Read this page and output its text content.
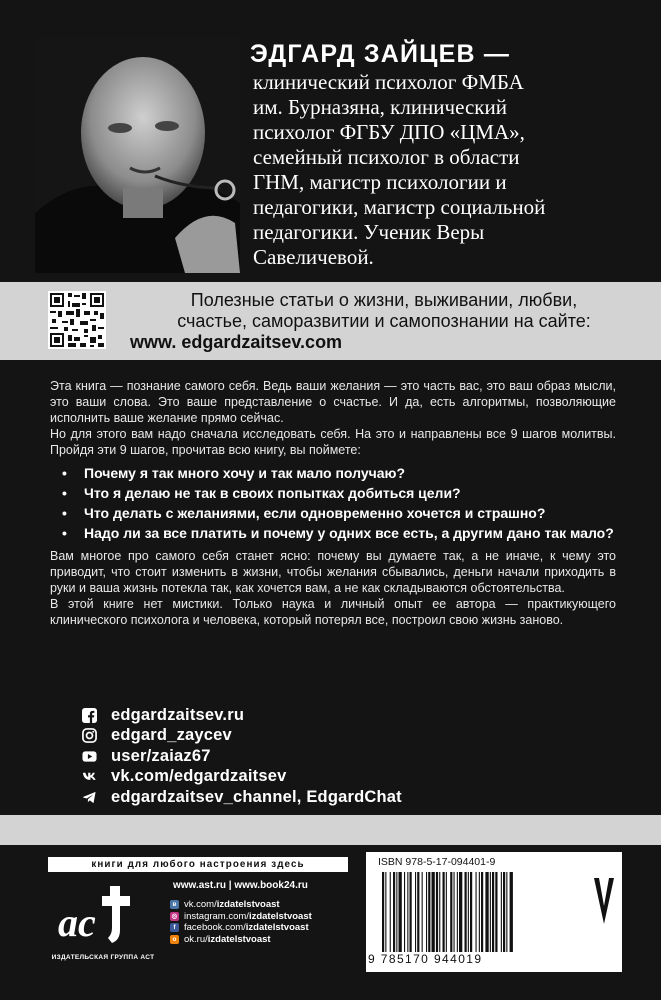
ЭДГАРД ЗАЙЦЕВ —
клинический психолог ФМБА
им. Бурназяна, клинический
психолог ФГБУ ДПО «ЦМА»,
семейный психолог в области
ГНМ, магистр психологии и
педагогики, магистр социальной
педагогики. Ученик Веры
Савеличевой.
Полезные статьи о жизни, выживании, любви,
счастье, саморазвитии и самопознании на сайте:
www. edgardzaitsev.com

Эта книга — познание самого себя. Ведь ваши желания — это часть вас, это ваш образ мысли, это ваши слова. Это ваше представление о счастье. И да, есть алгоритмы, позволяющие исполнить ваше желание прямо сейчас.

Но для этого вам надо сначала исследовать себя. На это и направлены все 9 шагов молитвы. Пройдя эти 9 шагов, прочитав всю книгу, вы поймете:

• Почему я так много хочу и так мало получаю?
• Что я делаю не так в своих попытках добиться цели?
• Что делать с желаниями, если одновременно хочется и страшно?
• Надо ли за все платить и почему у одних все есть, а другим дано так мало?

Вам многое про самого себя станет ясно: почему вы думаете так, а не иначе, к чему это приводит, что стоит изменить в жизни, чтобы желания сбывались, деньги начали приходить в руки и ваша жизнь потекла так, как хочется вам, а не как складываются обстоятельства.

В этой книге нет мистики. Только наука и личный опыт ее автора — практикующего клинического психолога и человека, который потерял все, построил свою жизнь заново.

edgardzaitsev.ru
edgard_zaycev
user/zaiaz67
vk.com/edgardzaitsev
edgardzaitsev_channel, EdgardChat
книги для любого настроения здесь
ас
ИЗДАТЕЛЬСКАЯ ГРУППА АСТ
www.ast.ru | www.book24.ru
в vk.com/ izdatelstvoast
◎ instagram.com/ izdatelstvoast
f facebook.com/ izdatelstvoast
о ok.ru/ izdatelstvoast
ISBN 978-5-17-094401-9
9 785170 944019
